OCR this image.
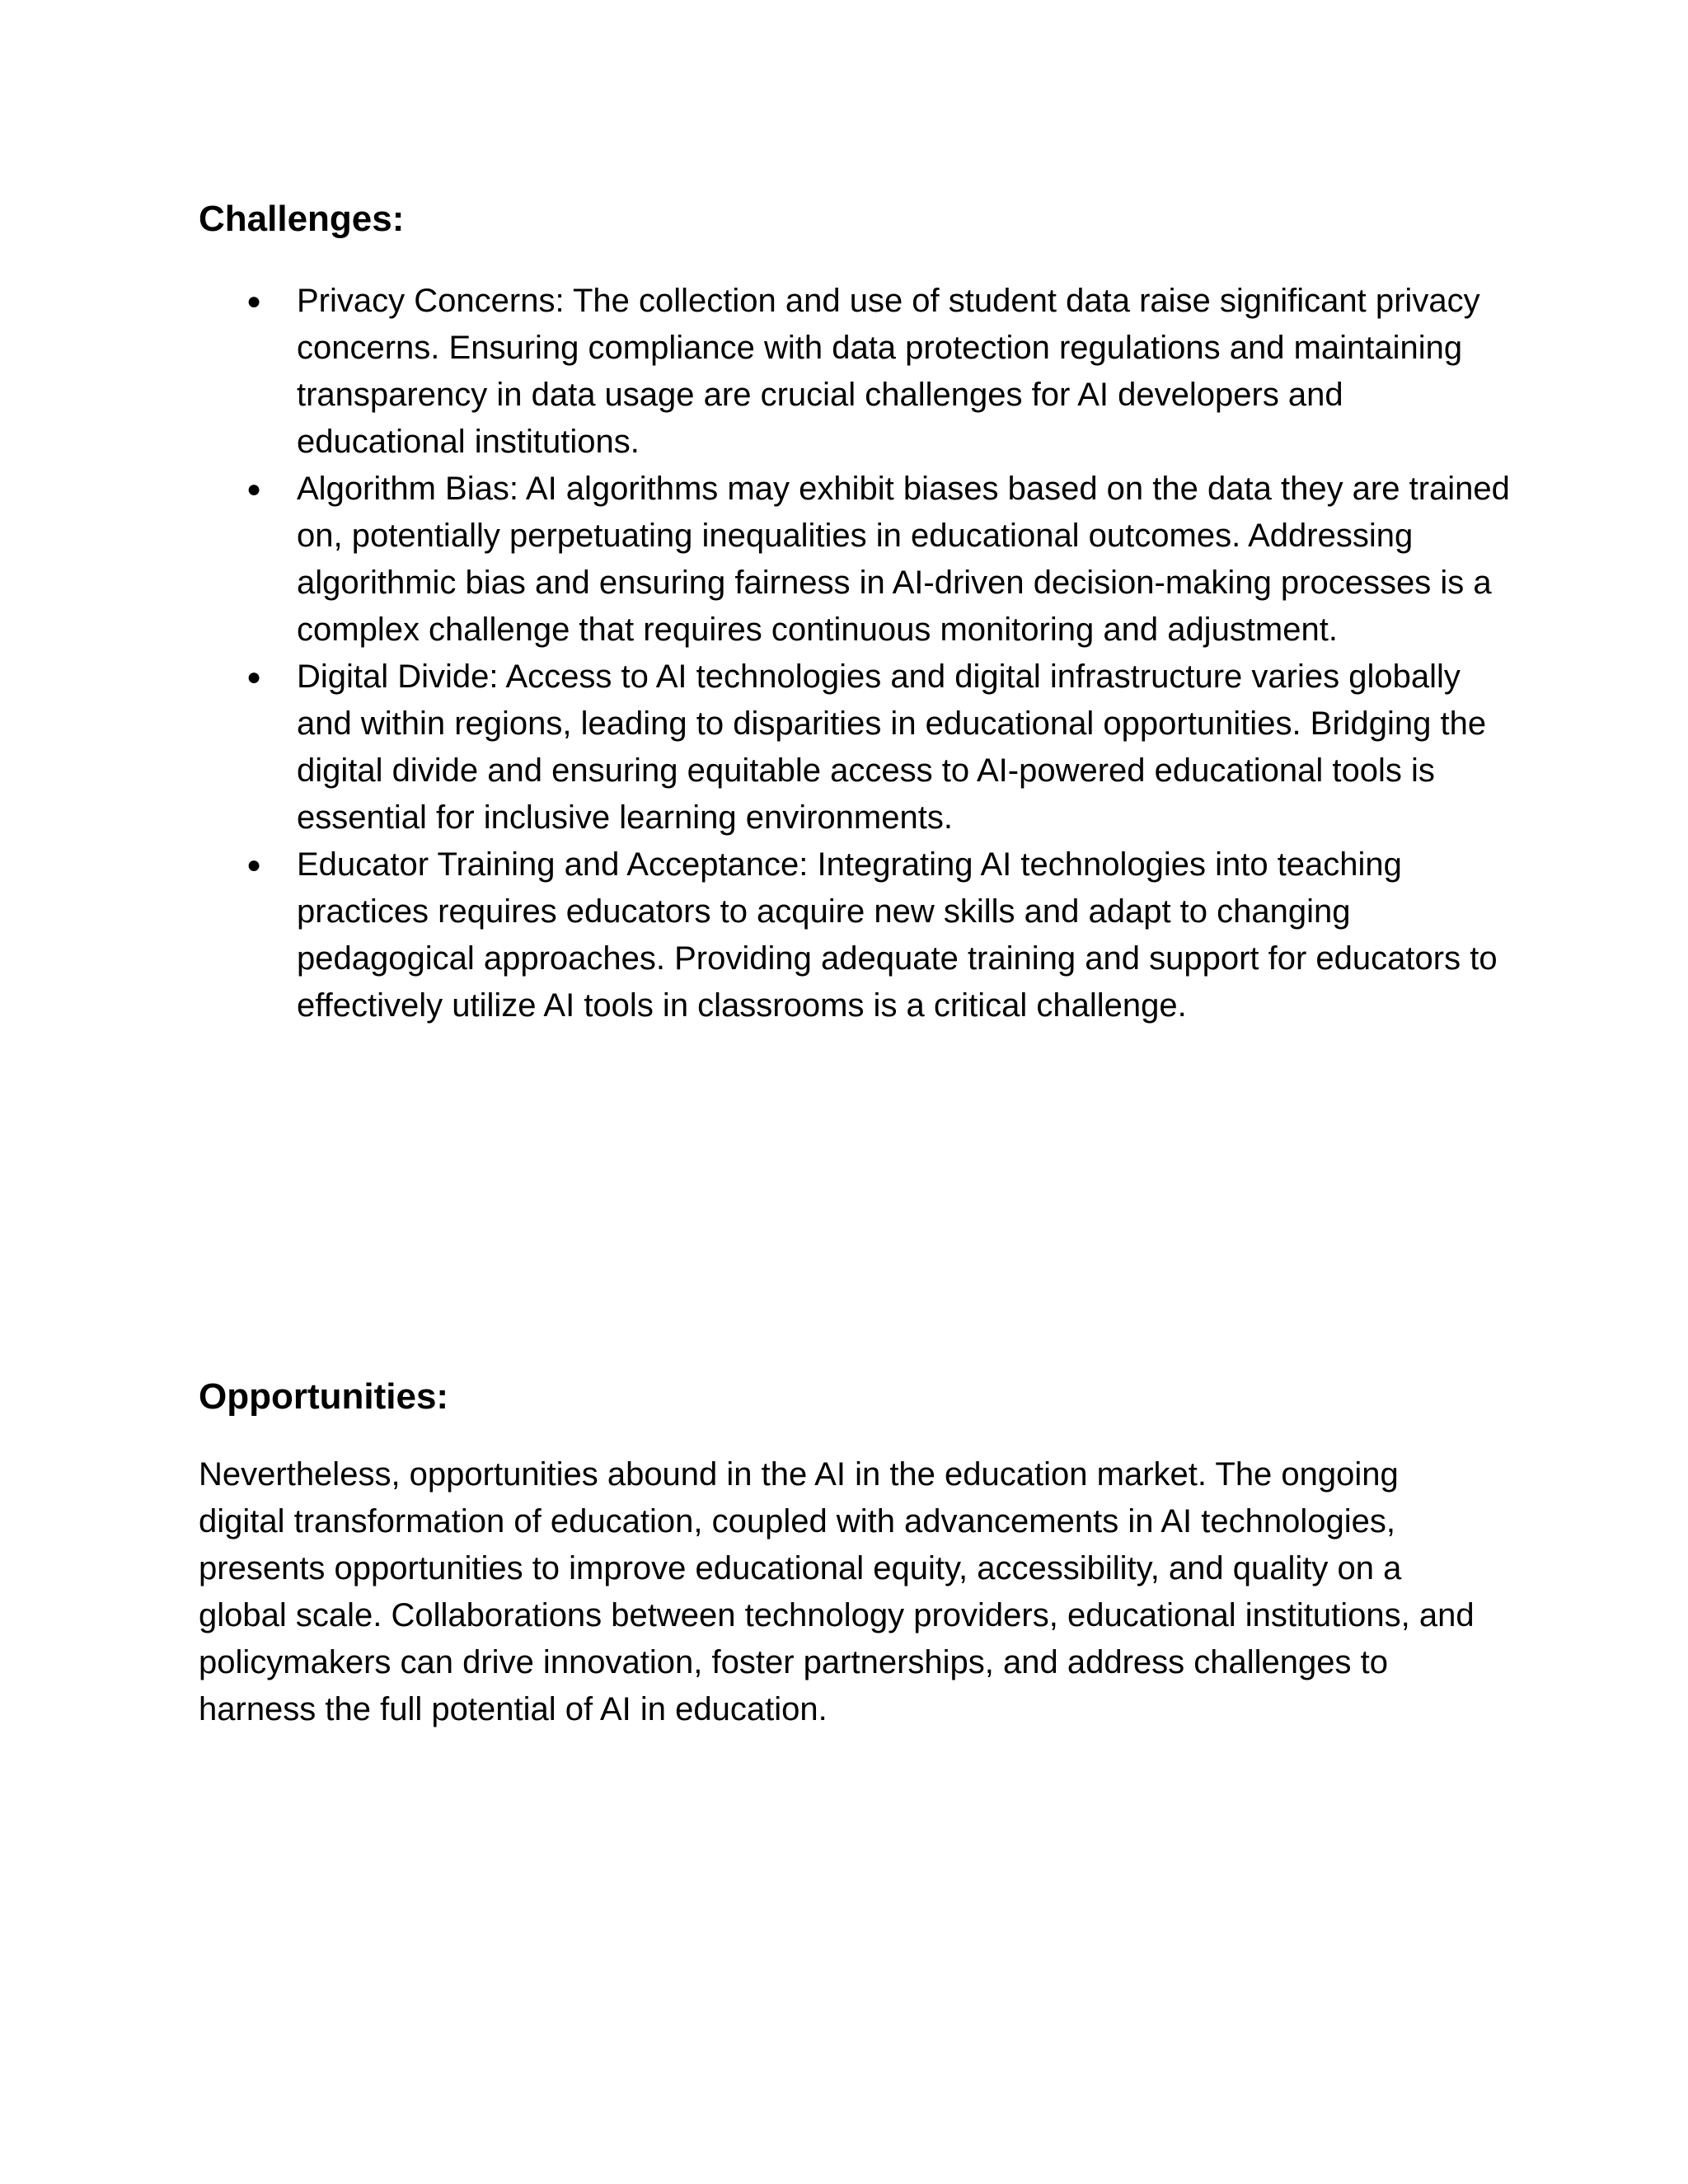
Challenges:
● Privacy Concerns: The collection and use of student data raise significant privacy concerns. Ensuring compliance with data protection regulations and maintaining transparency in data usage are crucial challenges for AI developers and educational institutions.
● Algorithm Bias: AI algorithms may exhibit biases based on the data they are trained on, potentially perpetuating inequalities in educational outcomes. Addressing algorithmic bias and ensuring fairness in AI-driven decision-making processes is a complex challenge that requires continuous monitoring and adjustment.
● Digital Divide: Access to AI technologies and digital infrastructure varies globally and within regions, leading to disparities in educational opportunities. Bridging the digital divide and ensuring equitable access to AI-powered educational tools is essential for inclusive learning environments.
● Educator Training and Acceptance: Integrating AI technologies into teaching practices requires educators to acquire new skills and adapt to changing pedagogical approaches. Providing adequate training and support for educators to effectively utilize AI tools in classrooms is a critical challenge.
Opportunities:

Nevertheless, opportunities abound in the AI in the education market. The ongoing digital transformation of education, coupled with advancements in AI technologies, presents opportunities to improve educational equity, accessibility, and quality on a global scale. Collaborations between technology providers, educational institutions, and policymakers can drive innovation, foster partnerships, and address challenges to harness the full potential of AI in education.
